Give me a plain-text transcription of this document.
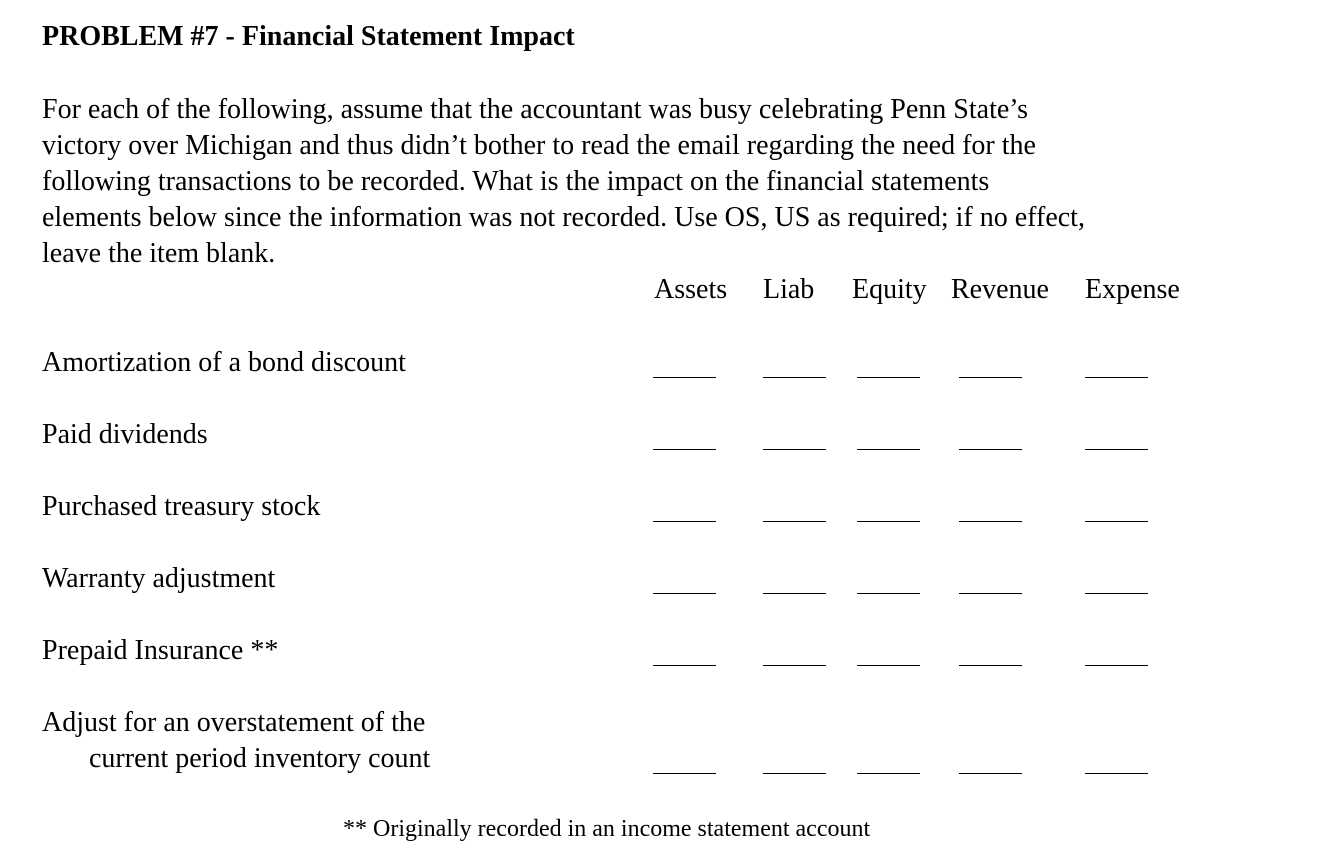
PROBLEM #7 - Financial Statement Impact

For each of the following, assume that the accountant was busy celebrating Penn State’s

victory over Michigan and thus didn’t bother to read the email regarding the need for the

following transactions to be recorded. What is the impact on the financial statements

elements below since the information was not recorded. Use OS, US as required; if no effect,

leave the item blank.

Assets Liab Equity Revenue Expense
Amortization of a bond discount
Paid dividends
Purchased treasury stock
Warranty adjustment
Prepaid Insurance **
Adjust for an overstatement of the
current period inventory count
** Originally recorded in an income statement account
